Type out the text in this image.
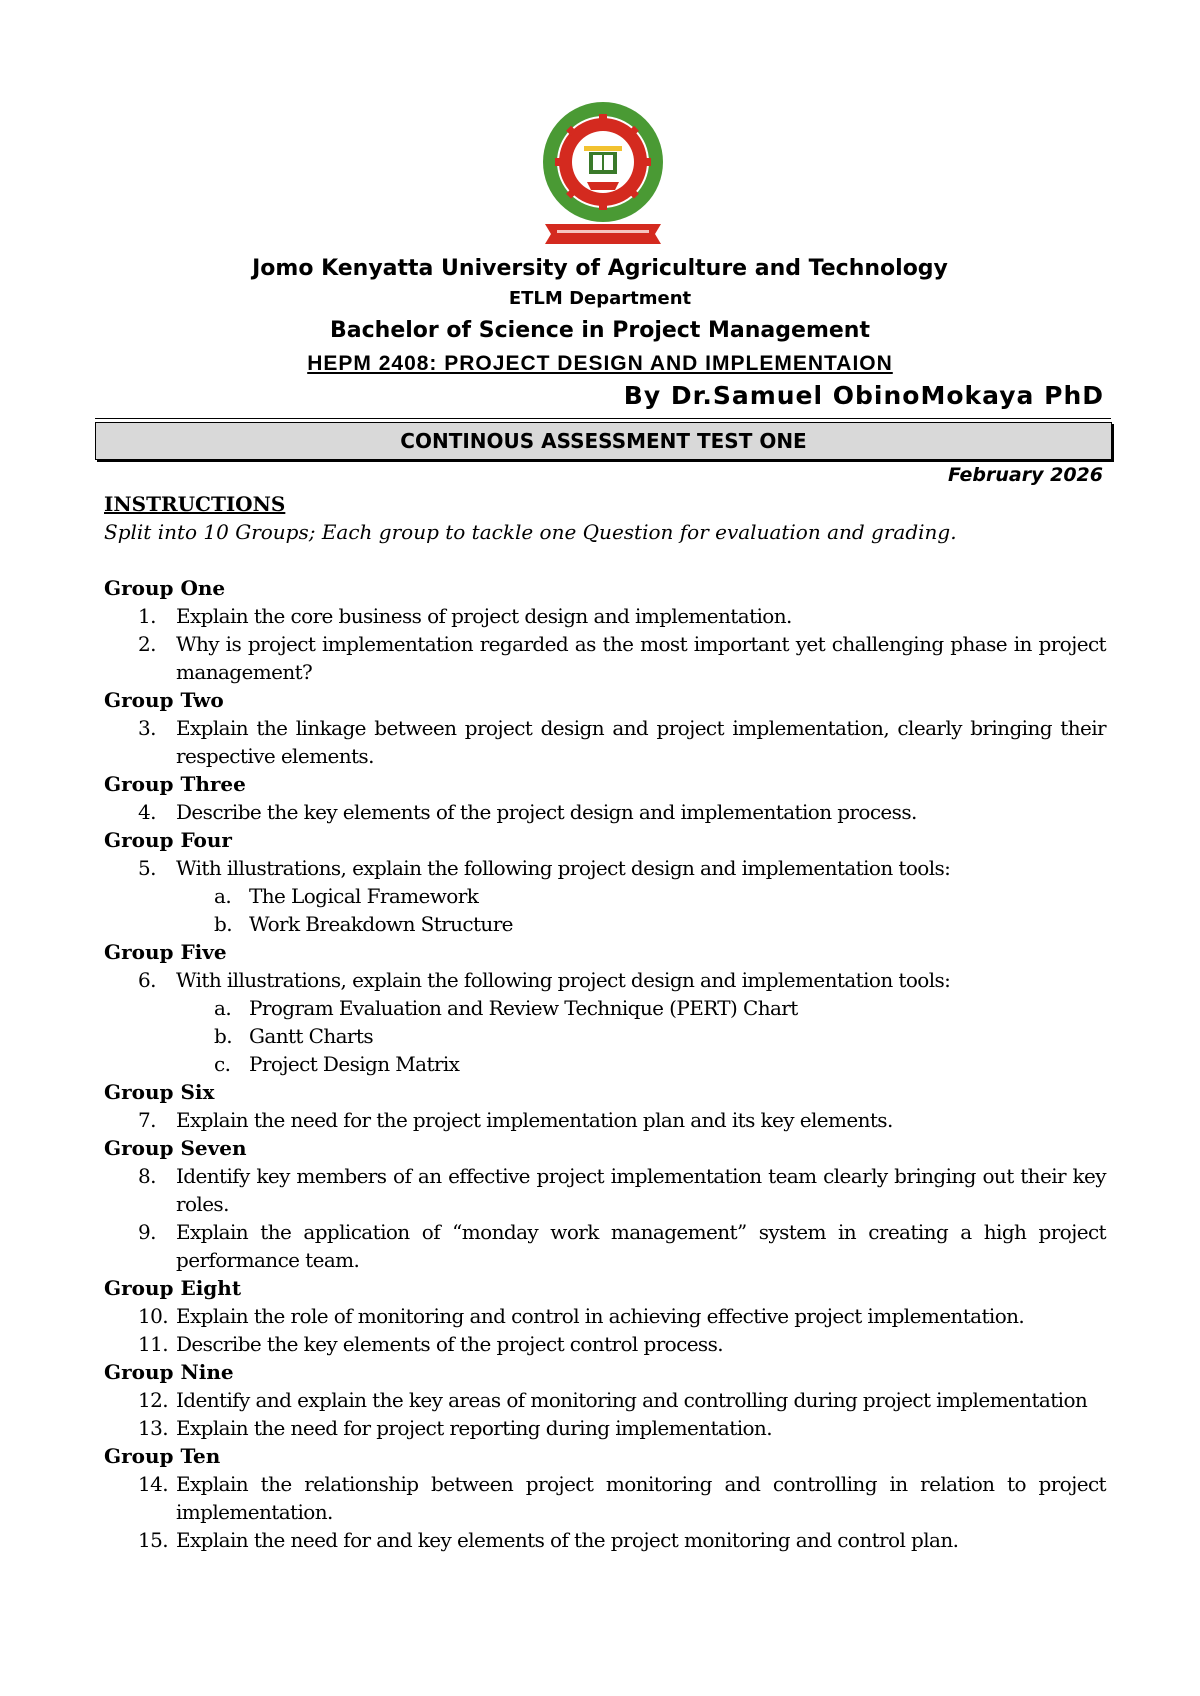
Jomo Kenyatta University of Agriculture and Technology
ETLM Department
Bachelor of Science in Project Management
HEPM 2408: PROJECT DESIGN AND IMPLEMENTAION
By Dr.Samuel ObinoMokaya PhD
CONTINOUS ASSESSMENT TEST ONE
February 2026
INSTRUCTIONS
Split into 10 Groups; Each group to tackle one Question for evaluation and grading.
Group One
1. Explain the core business of project design and implementation.
2. Why is project implementation regarded as the most important yet challenging phase in project management?
Group Two
3. Explain the linkage between project design and project implementation, clearly bringing their respective elements.
Group Three
4. Describe the key elements of the project design and implementation process.
Group Four
5. With illustrations, explain the following project design and implementation tools:
a. The Logical Framework
b. Work Breakdown Structure
Group Five
6. With illustrations, explain the following project design and implementation tools:
a. Program Evaluation and Review Technique (PERT) Chart
b. Gantt Charts
c. Project Design Matrix
Group Six
7. Explain the need for the project implementation plan and its key elements.
Group Seven
8. Identify key members of an effective project implementation team clearly bringing out their key roles.
9. Explain the application of “monday work management” system in creating a high project performance team.
Group Eight
10. Explain the role of monitoring and control in achieving effective project implementation.
11. Describe the key elements of the project control process.
Group Nine
12. Identify and explain the key areas of monitoring and controlling during project implementation
13. Explain the need for project reporting during implementation.
Group Ten
14. Explain the relationship between project monitoring and controlling in relation to project implementation.
15. Explain the need for and key elements of the project monitoring and control plan.
